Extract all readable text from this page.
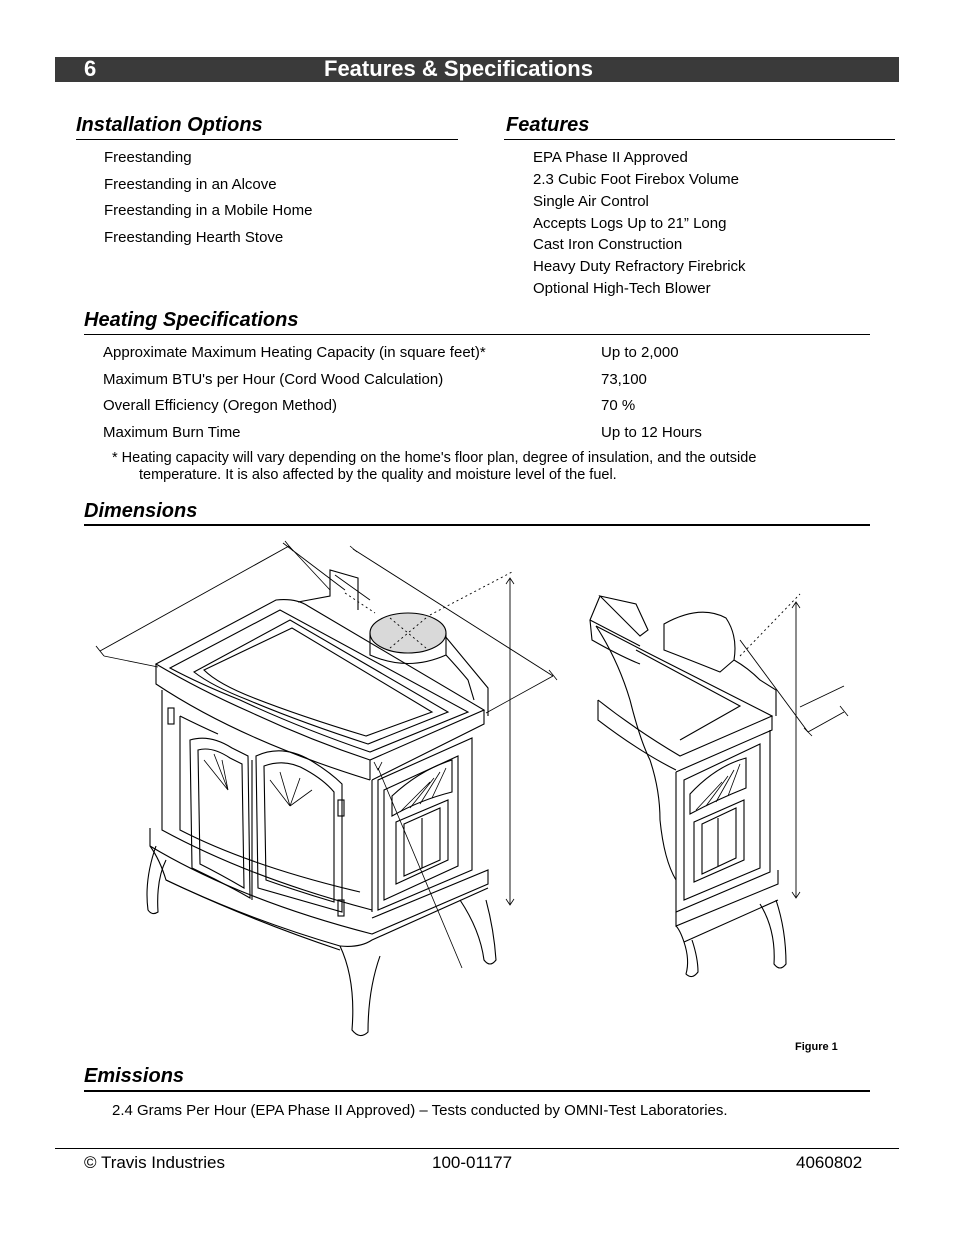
6	Features & Specifications
Installation Options
Freestanding
Freestanding in an Alcove
Freestanding in a Mobile Home
Freestanding Hearth Stove
Features
EPA Phase II Approved
2.3 Cubic Foot Firebox Volume
Single Air Control
Accepts Logs Up to 21” Long
Cast Iron Construction
Heavy Duty Refractory Firebrick
Optional High-Tech Blower
Heating Specifications
Approximate Maximum Heating Capacity (in square feet)*	Up to 2,000
Maximum BTU's per Hour (Cord Wood Calculation)	73,100
Overall Efficiency (Oregon Method)	70 %
Maximum Burn Time	Up to 12 Hours
* Heating capacity will vary depending on the home's floor plan, degree of insulation, and the outside
temperature. It is also affected by the quality and moisture level of the fuel.
Dimensions
Figure 1
Emissions
2.4 Grams Per Hour (EPA Phase II Approved) – Tests conducted by OMNI-Test Laboratories.
© Travis Industries	100-01177	4060802
